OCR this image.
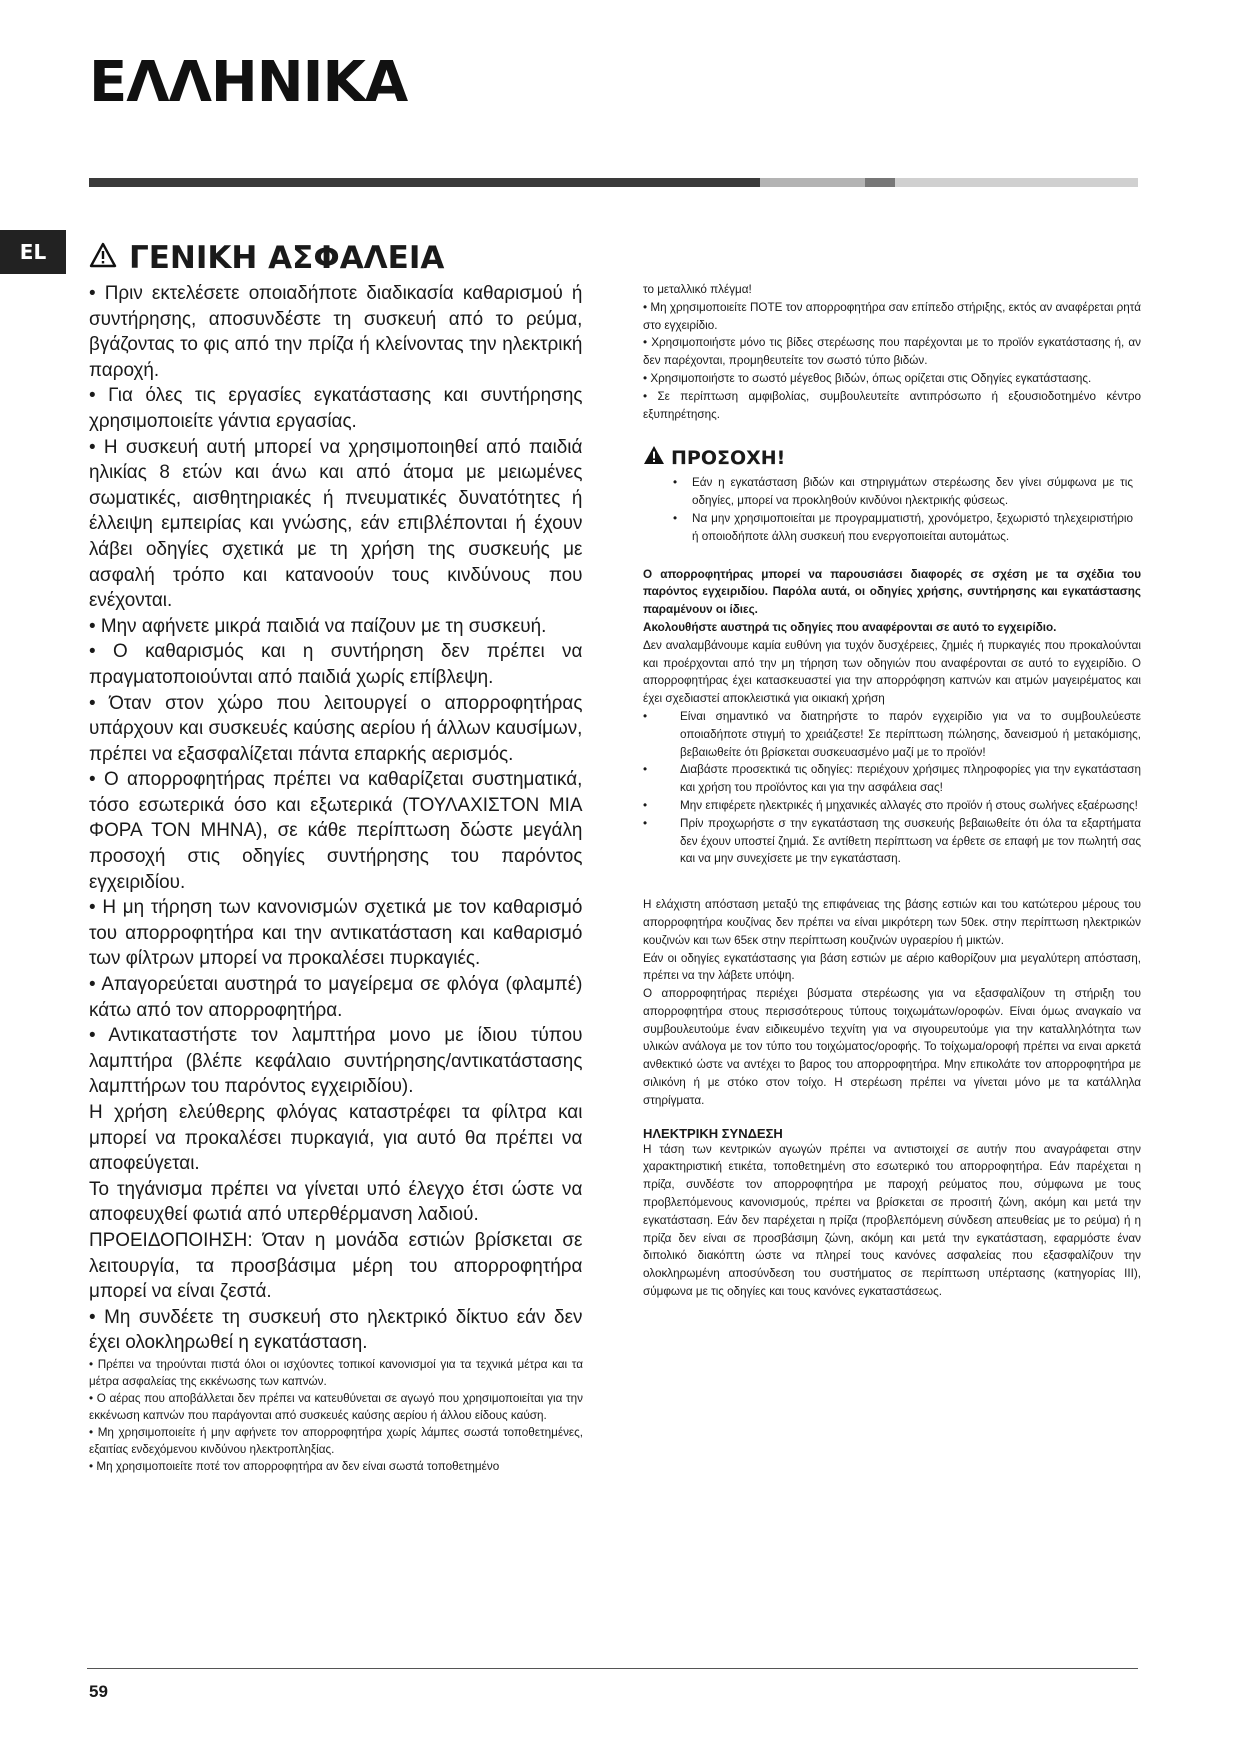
ΕΛΛΗΝΙΚΑ
EL	ΓΕΝΙΚΗ ΑΣΦΑΛΕΙΑ

• Πριν εκτελέσετε οποιαδήποτε διαδικασία καθαρισμού ή συντήρησης, αποσυνδέστε τη συσκευή από το ρεύμα, βγάζοντας το φις από την πρίζα ή κλείνοντας την ηλεκτρική παροχή.

• Για όλες τις εργασίες εγκατάστασης και συντήρησης χρησιμοποιείτε γάντια εργασίας.

• Η συσκευή αυτή μπορεί να χρησιμοποιηθεί από παιδιά ηλικίας 8 ετών και άνω και από άτομα με μειωμένες σωματικές, αισθητηριακές ή πνευματικές δυνατότητες ή έλλειψη εμπειρίας και γνώσης, εάν επιβλέπονται ή έχουν λάβει οδηγίες σχετικά με τη χρήση της συσκευής με ασφαλή τρόπο και κατανοούν τους κινδύνους που ενέχονται.

• Μην αφήνετε μικρά παιδιά να παίζουν με τη συσκευή.

• Ο καθαρισμός και η συντήρηση δεν πρέπει να πραγματοποιούνται από παιδιά χωρίς επίβλεψη.

• Όταν στον χώρο που λειτουργεί ο απορροφητήρας υπάρχουν και συσκευές καύσης αερίου ή άλλων καυσίμων, πρέπει να εξασφαλίζεται πάντα επαρκής αερισμός.

• Ο απορροφητήρας πρέπει να καθαρίζεται συστηματικά, τόσο εσωτερικά όσο και εξωτερικά (ΤΟΥΛΑΧΙΣΤΟΝ ΜΙΑ ΦΟΡΑ ΤΟΝ ΜΗΝΑ), σε κάθε περίπτωση δώστε μεγάλη προσοχή στις οδηγίες συντήρησης του παρόντος εγχειριδίου.

• Η μη τήρηση των κανονισμών σχετικά με τον καθαρισμό του απορροφητήρα και την αντικατάσταση και καθαρισμό των φίλτρων μπορεί να προκαλέσει πυρκαγιές.

• Απαγορεύεται αυστηρά το μαγείρεμα σε φλόγα (φλαμπέ) κάτω από τον απορροφητήρα.

• Αντικαταστήστε τον λαμπτήρα μονο με ίδιου τύπου λαμπτήρα (βλέπε κεφάλαιο συντήρησης/αντικατάστασης λαμπτήρων του παρόντος εγχειριδίου).

Η χρήση ελεύθερης φλόγας καταστρέφει τα φίλτρα και μπορεί να προκαλέσει πυρκαγιά, για αυτό θα πρέπει να αποφεύγεται.

Το τηγάνισμα πρέπει να γίνεται υπό έλεγχο έτσι ώστε να αποφευχθεί φωτιά από υπερθέρμανση λαδιού.

ΠΡΟΕΙΔΟΠΟΙΗΣΗ: Όταν η μονάδα εστιών βρίσκεται σε λειτουργία, τα προσβάσιμα μέρη του απορροφητήρα μπορεί να είναι ζεστά.

• Μη συνδέετε τη συσκευή στο ηλεκτρικό δίκτυο εάν δεν έχει ολοκληρωθεί η εγκατάσταση.

• Πρέπει να τηρούνται πιστά όλοι οι ισχύοντες τοπικοί κανονισμοί για τα τεχνικά μέτρα και τα μέτρα ασφαλείας της εκκένωσης των καπνών.

• Ο αέρας που αποβάλλεται δεν πρέπει να κατευθύνεται σε αγωγό που χρησιμοποιείται για την εκκένωση καπνών που παράγονται από συσκευές καύσης αερίου ή άλλου είδους καύση.

• Μη χρησιμοποιείτε ή μην αφήνετε τον απορροφητήρα χωρίς λάμπες σωστά τοποθετημένες, εξαιτίας ενδεχόμενου κινδύνου ηλεκτροπληξίας.

• Μη χρησιμοποιείτε ποτέ τον απορροφητήρα αν δεν είναι σωστά τοποθετημένο

το μεταλλικό πλέγμα!

• Μη χρησιμοποιείτε ΠΟΤΕ τον απορροφητήρα σαν επίπεδο στήριξης, εκτός αν αναφέρεται ρητά στο εγχειρίδιο.

• Χρησιμοποιήστε μόνο τις βίδες στερέωσης που παρέχονται με το προϊόν εγκατάστασης ή, αν δεν παρέχονται, προμηθευτείτε τον σωστό τύπο βιδών.

• Χρησιμοποιήστε το σωστό μέγεθος βιδών, όπως ορίζεται στις Οδηγίες εγκατάστασης.

• Σε περίπτωση αμφιβολίας, συμβουλευτείτε αντιπρόσωπο ή εξουσιοδοτημένο κέντρο εξυπηρέτησης.

ΠΡΟΣΟΧΗ!
• Εάν η εγκατάσταση βιδών και στηριγμάτων στερέωσης δεν γίνει σύμφωνα με τις οδηγίες, μπορεί να προκληθούν κινδύνοι ηλεκτρικής φύσεως.
• Να μην χρησιμοποιείται με προγραμματιστή, χρονόμετρο, ξεχωριστό τηλεχειριστήριο ή οποιοδήποτε άλλη συσκευή που ενεργοποιείται αυτομάτως.

Ο απορροφητήρας μπορεί να παρουσιάσει διαφορές σε σχέση με τα σχέδια του παρόντος εγχειριδίου. Παρόλα αυτά, οι οδηγίες χρήσης, συντήρησης και εγκατάστασης παραμένουν οι ίδιες.

Ακολουθήστε αυστηρά τις οδηγίες που αναφέρονται σε αυτό το εγχειρίδιο.

Δεν αναλαμβάνουμε καμία ευθύνη για τυχόν δυσχέρειες, ζημιές ή πυρκαγιές που προκαλούνται και προέρχονται από την μη τήρηση των οδηγιών που αναφέρονται σε αυτό το εγχειρίδιο. Ο απορροφητήρας έχει κατασκευαστεί για την απορρόφηση καπνών και ατμών μαγειρέματος και έχει σχεδιαστεί αποκλειστικά για οικιακή χρήση

• Είναι σημαντικό να διατηρήστε το παρόν εγχειρίδιο για να το συμβουλεύεστε οποιαδήποτε στιγμή το χρειάζεστε! Σε περίπτωση πώλησης, δανεισμού ή μετακόμισης, βεβαιωθείτε ότι βρίσκεται συσκευασμένο μαζί με το προϊόν!
• Διαβάστε προσεκτικά τις οδηγίες: περιέχουν χρήσιμες πληροφορίες για την εγκατάσταση και χρήση του προϊόντος και για την ασφάλεια σας!
• Μην επιφέρετε ηλεκτρικές ή μηχανικές αλλαγές στο προϊόν ή στους σωλήνες εξαέρωσης!
• Πρίν προχωρήστε σ την εγκατάσταση της συσκευής βεβαιωθείτε ότι όλα τα εξαρτήματα δεν έχουν υποστεί ζημιά. Σε αντίθετη περίπτωση να έρθετε σε επαφή με τον πωλητή σας και να μην συνεχίσετε με την εγκατάσταση.

Η ελάχιστη απόσταση μεταξύ της επιφάνειας της βάσης εστιών και του κατώτερου μέρους του απορροφητήρα κουζίνας δεν πρέπει να είναι μικρότερη των 50εκ. στην περίπτωση ηλεκτρικών κουζινών και των 65εκ στην περίπτωση κουζινών υγραερίου ή μικτών.

Εάν οι οδηγίες εγκατάστασης για βάση εστιών με αέριο καθορίζουν μια μεγαλύτερη απόσταση, πρέπει να την λάβετε υπόψη.

Ο απορροφητήρας περιέχει βύσματα στερέωσης για να εξασφαλίζουν τη στήριξη του απορροφητήρα στους περισσότερους τύπους τοιχωμάτων/οροφών. Είναι όμως αναγκαίο να συμβουλευτούμε έναν ειδικευμένο τεχνίτη για να σιγουρευτούμε για την καταλληλότητα των υλικών ανάλογα με τον τύπο του τοιχώματος/οροφής. Το τοίχωμα/οροφή πρέπει να ειναι αρκετά ανθεκτικό ώστε να αντέχει το βαρος του απορροφητήρα. Μην επικολάτε τον απορροφητήρα με σιλικόνη ή με στόκο στον τοίχο. Η στερέωση πρέπει να γίνεται μόνο με τα κατάλληλα στηρίγματα.

ΗΛΕΚΤΡΙΚΗ ΣΥΝΔΕΣΗ

Η τάση των κεντρικών αγωγών πρέπει να αντιστοιχεί σε αυτήν που αναγράφεται στην χαρακτηριστική ετικέτα, τοποθετημένη στο εσωτερικό του απορροφητήρα. Εάν παρέχεται η πρίζα, συνδέστε τον απορροφητήρα με παροχή ρεύματος που, σύμφωνα με τους προβλεπόμενους κανονισμούς, πρέπει να βρίσκεται σε προσιτή ζώνη, ακόμη και μετά την εγκατάσταση. Εάν δεν παρέχεται η πρίζα (προβλεπόμενη σύνδεση απευθείας με το ρεύμα) ή η πρίζα δεν είναι σε προσβάσιμη ζώνη, ακόμη και μετά την εγκατάσταση, εφαρμόστε έναν διπολικό διακόπτη ώστε να πληρεί τους κανόνες ασφαλείας που εξασφαλίζουν την ολοκληρωμένη αποσύνδεση του συστήματος σε περίπτωση υπέρτασης (κατηγορίας III), σύμφωνα με τις οδηγίες και τους κανόνες εγκαταστάσεως.

59
